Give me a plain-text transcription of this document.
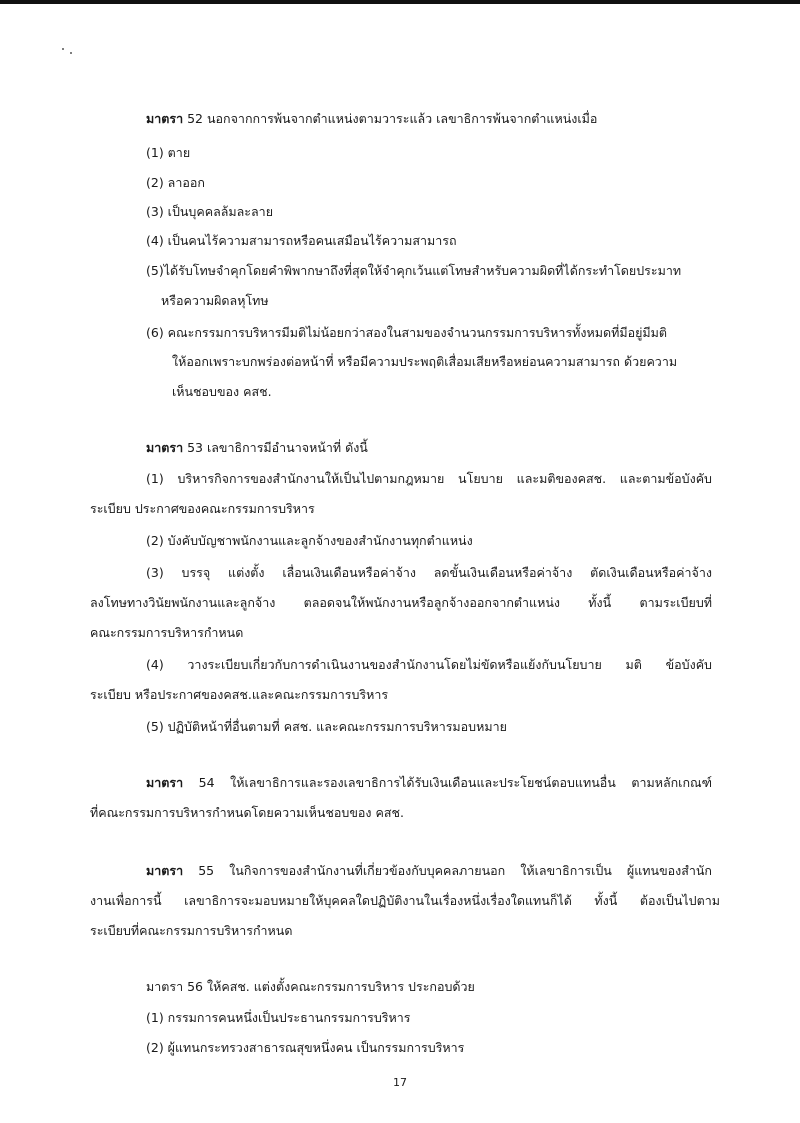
มาตรา 52 นอกจากการพ้นจากตำแหน่งตามวาระแล้ว เลขาธิการพ้นจากตำแหน่งเมื่อ
(1) ตาย
(2) ลาออก
(3) เป็นบุคคลล้มละลาย
(4) เป็นคนไร้ความสามารถหรือคนเสมือนไร้ความสามารถ
(5)ได้รับโทษจำคุกโดยคำพิพากษาถึงที่สุดให้จำคุกเว้นแต่โทษสำหรับความผิดที่ได้กระทำโดยประมาท
หรือความผิดลหุโทษ
(6) คณะกรรมการบริหารมีมติไม่น้อยกว่าสองในสามของจำนวนกรรมการบริหารทั้งหมดที่มีอยู่มีมติ
ให้ออกเพราะบกพร่องต่อหน้าที่ หรือมีความประพฤติเสื่อมเสียหรือหย่อนความสามารถ ด้วยความ
เห็นชอบของ คสช.
มาตรา 53 เลขาธิการมีอำนาจหน้าที่ ดังนี้
(1) บริหารกิจการของสำนักงานให้เป็นไปตามกฎหมาย นโยบาย และมติของคสช. และตามข้อบังคับ
ระเบียบ ประกาศของคณะกรรมการบริหาร
(2) บังคับบัญชาพนักงานและลูกจ้างของสำนักงานทุกตำแหน่ง
(3) บรรจุ แต่งตั้ง เลื่อนเงินเดือนหรือค่าจ้าง ลดขั้นเงินเดือนหรือค่าจ้าง ตัดเงินเดือนหรือค่าจ้าง
ลงโทษทางวินัยพนักงานและลูกจ้าง ตลอดจนให้พนักงานหรือลูกจ้างออกจากตำแหน่ง ทั้งนี้ ตามระเบียบที่
คณะกรรมการบริหารกำหนด
(4) วางระเบียบเกี่ยวกับการดำเนินงานของสำนักงานโดยไม่ขัดหรือแย้งกับนโยบาย มติ ข้อบังคับ
ระเบียบ หรือประกาศของคสช.และคณะกรรมการบริหาร
(5) ปฏิบัติหน้าที่อื่นตามที่ คสช. และคณะกรรมการบริหารมอบหมาย
มาตรา 54 ให้เลขาธิการและรองเลขาธิการได้รับเงินเดือนและประโยชน์ตอบแทนอื่น ตามหลักเกณฑ์
ที่คณะกรรมการบริหารกำหนดโดยความเห็นชอบของ คสช.
มาตรา 55 ในกิจการของสำนักงานที่เกี่ยวข้องกับบุคคลภายนอก ให้เลขาธิการเป็น ผู้แทนของสำนัก
งานเพื่อการนี้ เลขาธิการจะมอบหมายให้บุคคลใดปฏิบัติงานในเรื่องหนึ่งเรื่องใดแทนก็ได้ ทั้งนี้ ต้องเป็นไปตาม
ระเบียบที่คณะกรรมการบริหารกำหนด
มาตรา 56 ให้คสช. แต่งตั้งคณะกรรมการบริหาร ประกอบด้วย
(1) กรรมการคนหนึ่งเป็นประธานกรรมการบริหาร
(2) ผู้แทนกระทรวงสาธารณสุขหนึ่งคน เป็นกรรมการบริหาร
17
